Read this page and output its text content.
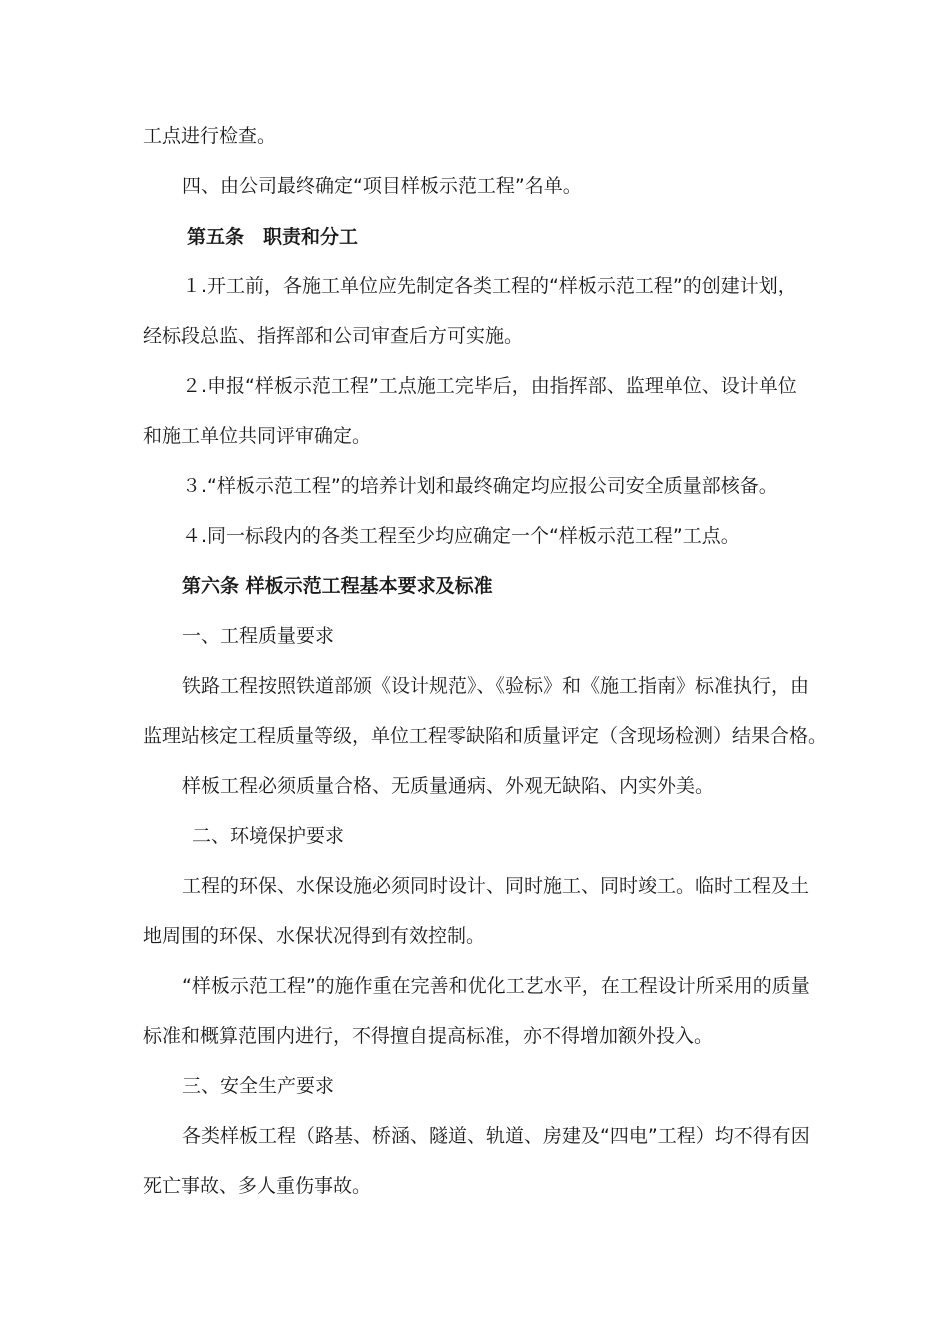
工点进行检查。

四、由公司最终确定“项目样板示范工程”名单。

第五条　职责和分工

１.开工前，各施工单位应先制定各类工程的“样板示范工程”的创建计划，

经标段总监、指挥部和公司审查后方可实施。

２.申报“样板示范工程”工点施工完毕后，由指挥部、监理单位、设计单位

和施工单位共同评审确定。

３.“样板示范工程”的培养计划和最终确定均应报公司安全质量部核备。

４.同一标段内的各类工程至少均应确定一个“样板示范工程”工点。

第六条 样板示范工程基本要求及标准

一、工程质量要求

铁路工程按照铁道部颁《设计规范》、《验标》和《施工指南》标准执行，由

监理站核定工程质量等级，单位工程零缺陷和质量评定（含现场检测）结果合格。

样板工程必须质量合格、无质量通病、外观无缺陷、内实外美。

二、环境保护要求

工程的环保、水保设施必须同时设计、同时施工、同时竣工。临时工程及土

地周围的环保、水保状况得到有效控制。

“样板示范工程”的施作重在完善和优化工艺水平，在工程设计所采用的质量

标准和概算范围内进行，不得擅自提高标准，亦不得增加额外投入。

三、安全生产要求

各类样板工程（路基、桥涵、隧道、轨道、房建及“四电”工程）均不得有因

死亡事故、多人重伤事故。
